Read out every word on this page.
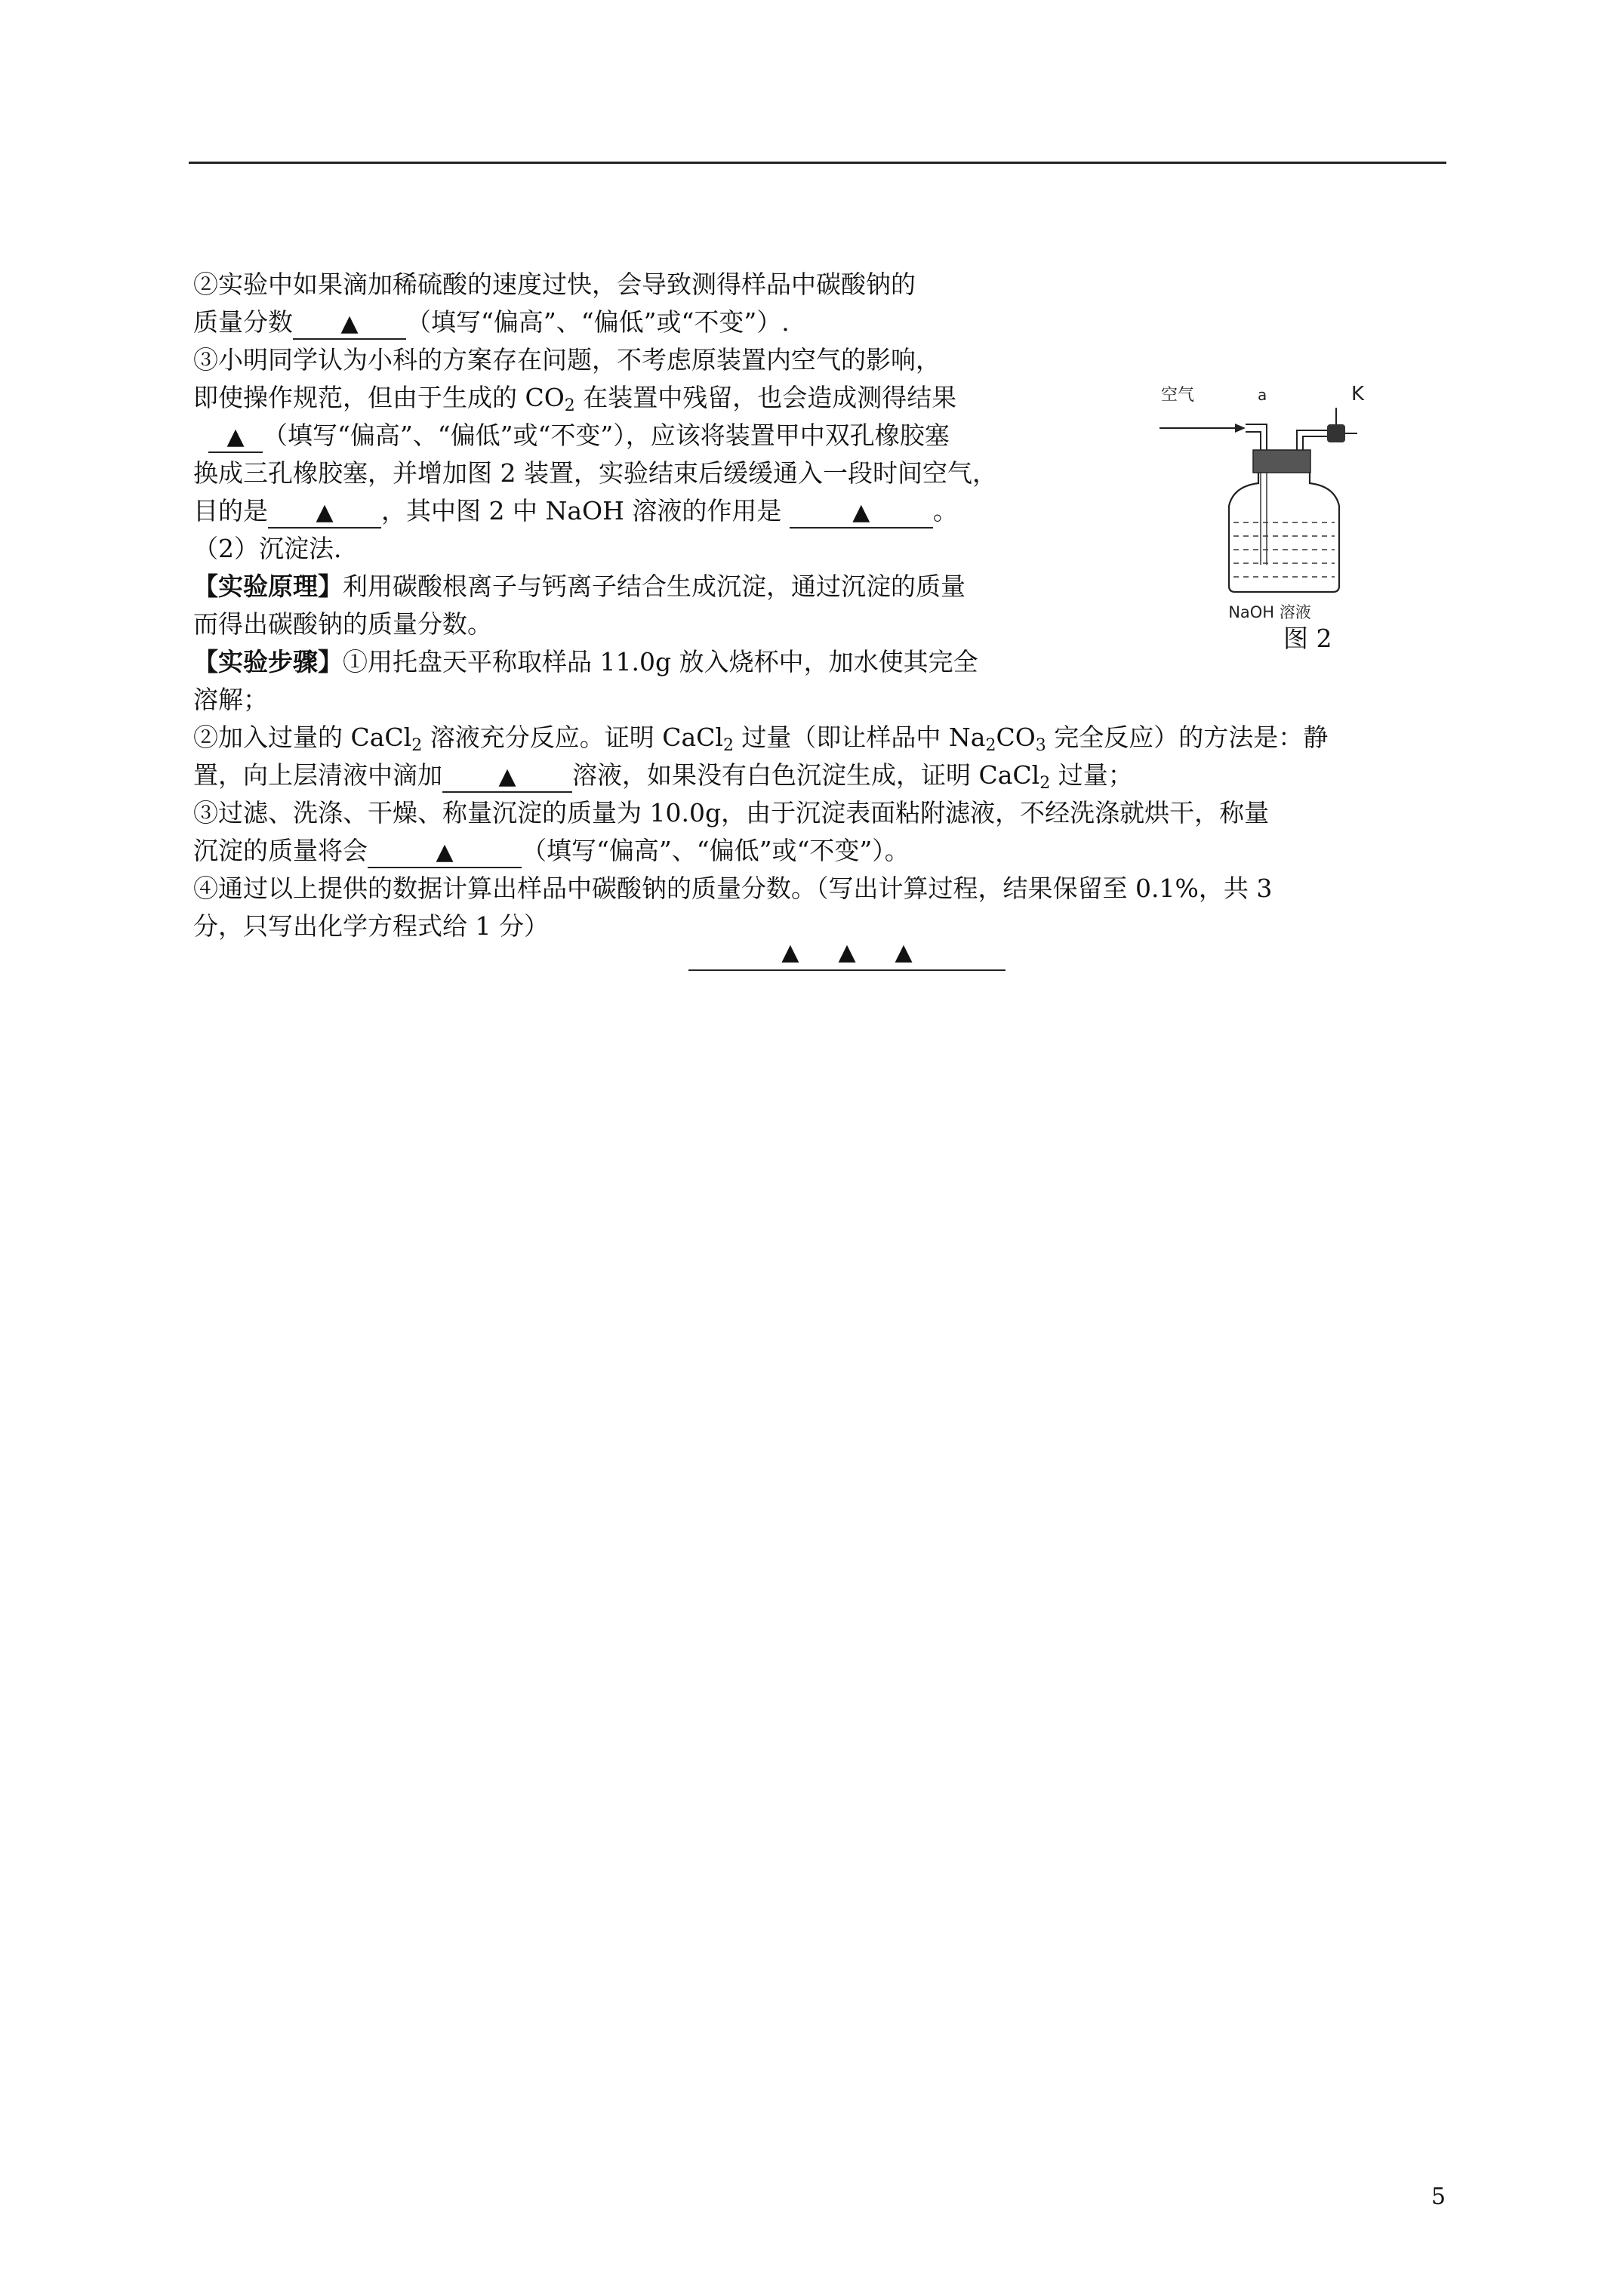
②实验中如果滴加稀硫酸的速度过快，会导致测得样品中碳酸钠的
质量分数 ▲ （填写“偏高”、“偏低”或“不变”）.
③小明同学认为小科的方案存在问题，不考虑原装置内空气的影响，
即使操作规范，但由于生成的 $CO_2$ 在装置中残留，也会造成测得结果
▲ （填写“偏高”、“偏低”或“不变”），应该将装置甲中双孔橡胶塞
换成三孔橡胶塞，并增加图 2 装置，实验结束后缓缓通入一段时间空气，
目的是 ▲ ，其中图 2 中 NaOH 溶液的作用是	▲	。
（2）沉淀法.
【实验原理】利用碳酸根离子与钙离子结合生成沉淀，通过沉淀的质量
而得出碳酸钠的质量分数。
【实验步骤】①用托盘天平称取样品 11.0g 放入烧杯中，加水使其完全
溶解；
②加入过量的 CaCl$_2$ 溶液充分反应。证明 CaCl$_2$ 过量（即让样品中 $Na_2CO_3$ 完全反应）的方法是：静
置，向上层清液中滴加 ▲ 溶液，如果没有白色沉淀生成，证明 CaCl$_2$ 过量；
③过滤、洗涤、干燥、称量沉淀的质量为 10.0g，由于沉淀表面粘附滤液，不经洗涤就烘干，称量
沉淀的质量将会	▲	（填写“偏高”、“偏低”或“不变”）。
④通过以上提供的数据计算出样品中碳酸钠的质量分数。（写出计算过程，结果保留至 0.1%，共 3
分，只写出化学方程式给 1 分）
▲ ▲ ▲
空气	a	K
NaOH 溶液
图 2
5
